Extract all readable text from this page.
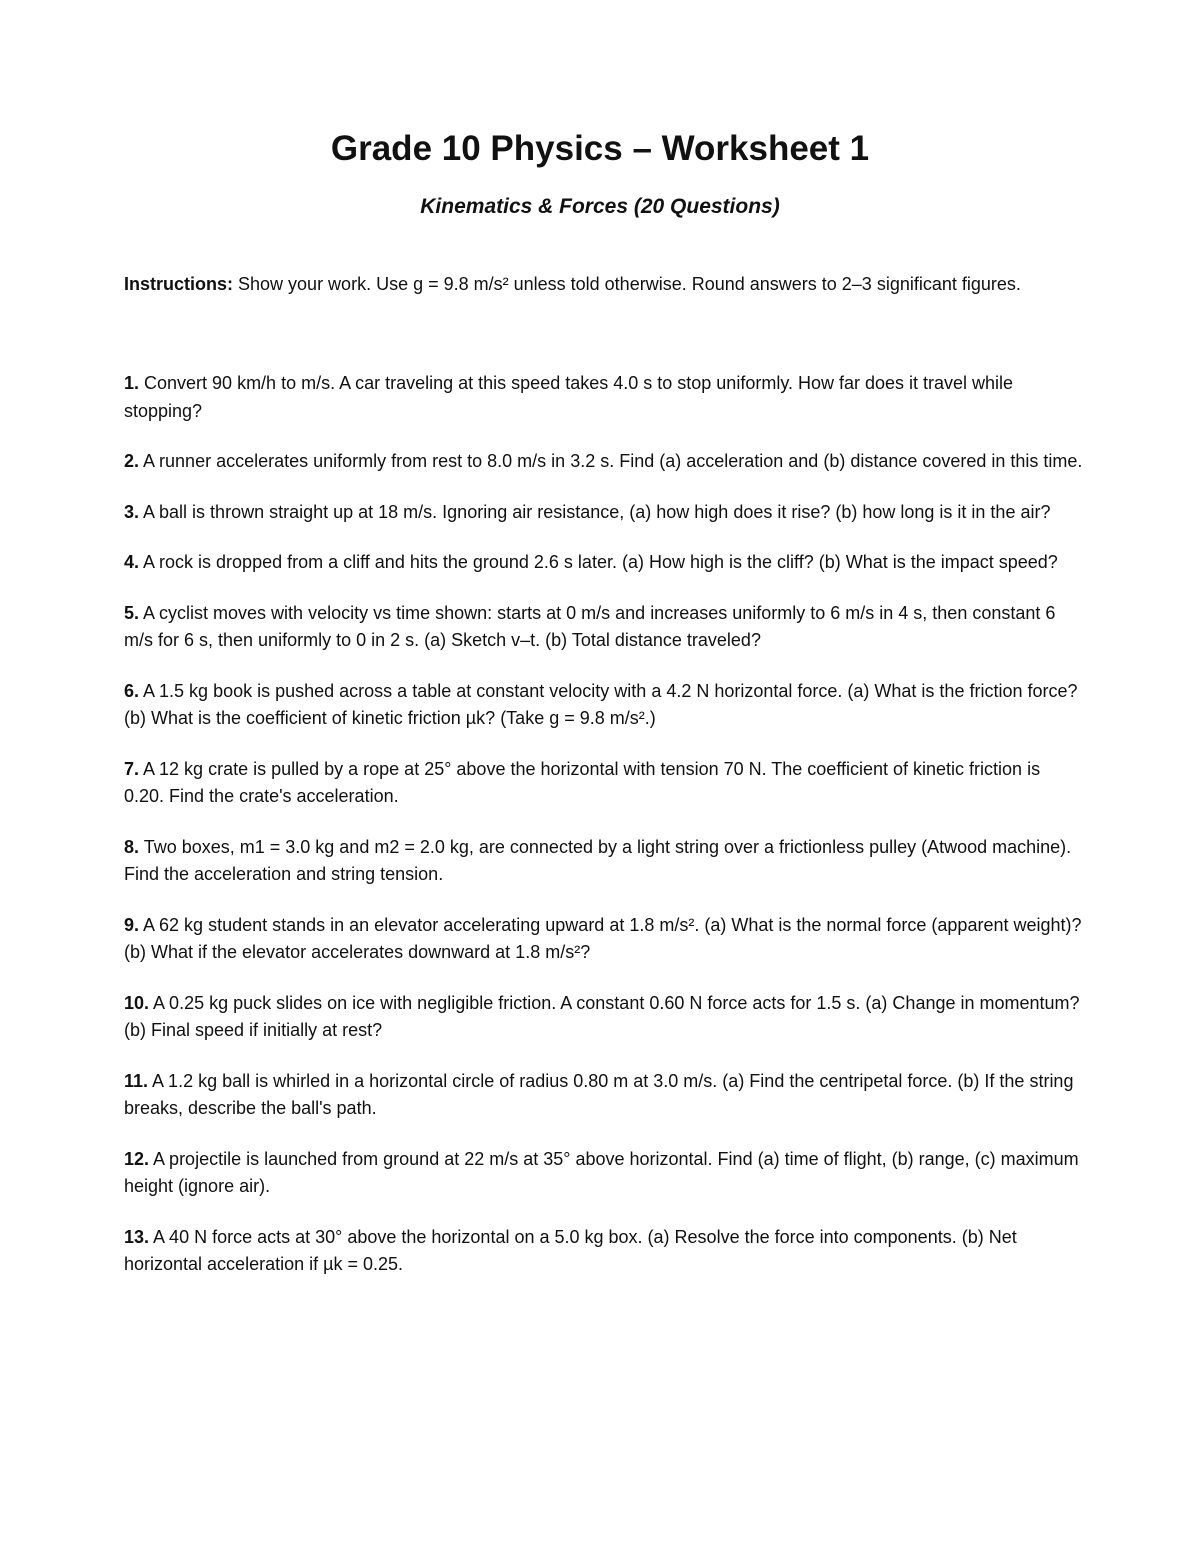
Grade 10 Physics – Worksheet 1
Kinematics & Forces (20 Questions)

Instructions: Show your work. Use g = 9.8 m/s² unless told otherwise. Round answers to 2–3 significant figures.

1. Convert 90 km/h to m/s. A car traveling at this speed takes 4.0 s to stop uniformly. How far does it travel while stopping?
2. A runner accelerates uniformly from rest to 8.0 m/s in 3.2 s. Find (a) acceleration and (b) distance covered in this time.
3. A ball is thrown straight up at 18 m/s. Ignoring air resistance, (a) how high does it rise? (b) how long is it in the air?
4. A rock is dropped from a cliff and hits the ground 2.6 s later. (a) How high is the cliff? (b) What is the impact speed?
5. A cyclist moves with velocity vs time shown: starts at 0 m/s and increases uniformly to 6 m/s in 4 s, then constant 6 m/s for 6 s, then uniformly to 0 in 2 s. (a) Sketch v–t. (b) Total distance traveled?
6. A 1.5 kg book is pushed across a table at constant velocity with a 4.2 N horizontal force. (a) What is the friction force? (b) What is the coefficient of kinetic friction µk? (Take g = 9.8 m/s².)
7. A 12 kg crate is pulled by a rope at 25° above the horizontal with tension 70 N. The coefficient of kinetic friction is 0.20. Find the crate's acceleration.
8. Two boxes, m1 = 3.0 kg and m2 = 2.0 kg, are connected by a light string over a frictionless pulley (Atwood machine). Find the acceleration and string tension.
9. A 62 kg student stands in an elevator accelerating upward at 1.8 m/s². (a) What is the normal force (apparent weight)? (b) What if the elevator accelerates downward at 1.8 m/s²?
10. A 0.25 kg puck slides on ice with negligible friction. A constant 0.60 N force acts for 1.5 s. (a) Change in momentum? (b) Final speed if initially at rest?
11. A 1.2 kg ball is whirled in a horizontal circle of radius 0.80 m at 3.0 m/s. (a) Find the centripetal force. (b) If the string breaks, describe the ball's path.
12. A projectile is launched from ground at 22 m/s at 35° above horizontal. Find (a) time of flight, (b) range, (c) maximum height (ignore air).
13. A 40 N force acts at 30° above the horizontal on a 5.0 kg box. (a) Resolve the force into components. (b) Net horizontal acceleration if µk = 0.25.
